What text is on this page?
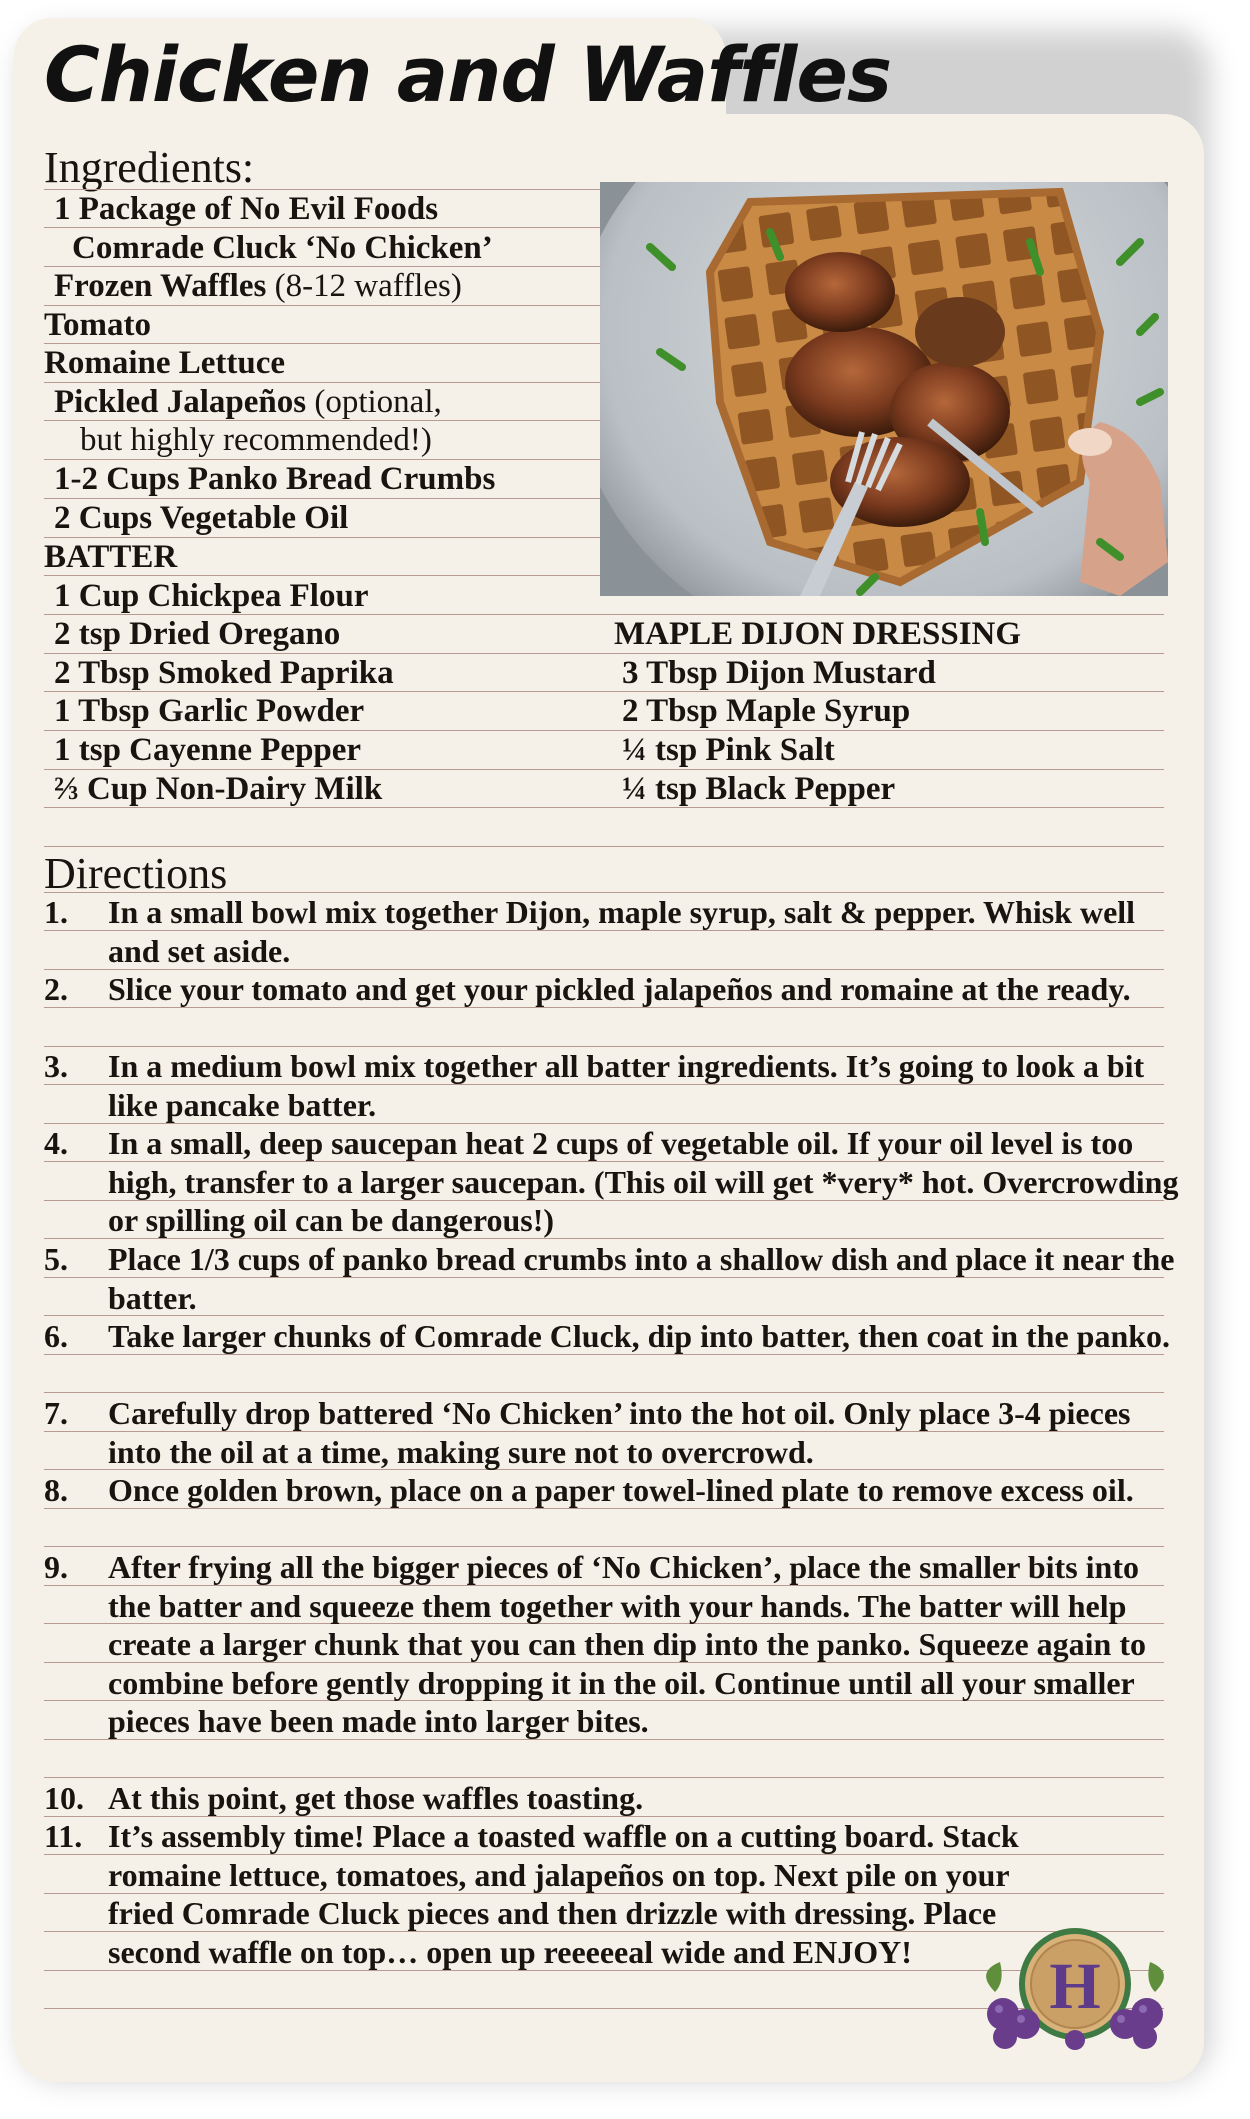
Chicken and Waffles
Ingredients:
1 Package of No Evil Foods
Comrade Cluck ‘No Chicken’
Frozen Waffles (8-12 waffles)
Tomato
Romaine Lettuce
Pickled Jalapeños (optional,
but highly recommended!)
1-2 Cups Panko Bread Crumbs
2 Cups Vegetable Oil
BATTER
1 Cup Chickpea Flour
2 tsp Dried Oregano
2 Tbsp Smoked Paprika
1 Tbsp Garlic Powder
1 tsp Cayenne Pepper
⅔ Cup Non-Dairy Milk
MAPLE DIJON DRESSING
3 Tbsp Dijon Mustard
2 Tbsp Maple Syrup
¼ tsp Pink Salt
¼ tsp Black Pepper
Directions
1.	In a small bowl mix together Dijon, maple syrup, salt & pepper. Whisk well and set aside.
2.	Slice your tomato and get your pickled jalapeños and romaine at the ready.
3.	In a medium bowl mix together all batter ingredients. It’s going to look a bit like pancake batter.
4.	In a small, deep saucepan heat 2 cups of vegetable oil. If your oil level is too high, transfer to a larger saucepan. (This oil will get *very* hot. Overcrowding or spilling oil can be dangerous!)
5.	Place 1/3 cups of panko bread crumbs into a shallow dish and place it near the batter.
6.	Take larger chunks of Comrade Cluck, dip into batter, then coat in the panko.
7.	Carefully drop battered ‘No Chicken’ into the hot oil. Only place 3-4 pieces into the oil at a time, making sure not to overcrowd.
8.	Once golden brown, place on a paper towel-lined plate to remove excess oil.
9.	After frying all the bigger pieces of ‘No Chicken’, place the smaller bits into the batter and squeeze them together with your hands. The batter will help create a larger chunk that you can then dip into the panko. Squeeze again to combine before gently dropping it in the oil. Continue until all your smaller pieces have been made into larger bites.
10. At this point, get those waffles toasting.
11. It’s assembly time! Place a toasted waffle on a cutting board. Stack romaine lettuce, tomatoes, and jalapeños on top. Next pile on your fried Comrade Cluck pieces and then drizzle with dressing. Place second waffle on top… open up reeeeeal wide and ENJOY!	H
